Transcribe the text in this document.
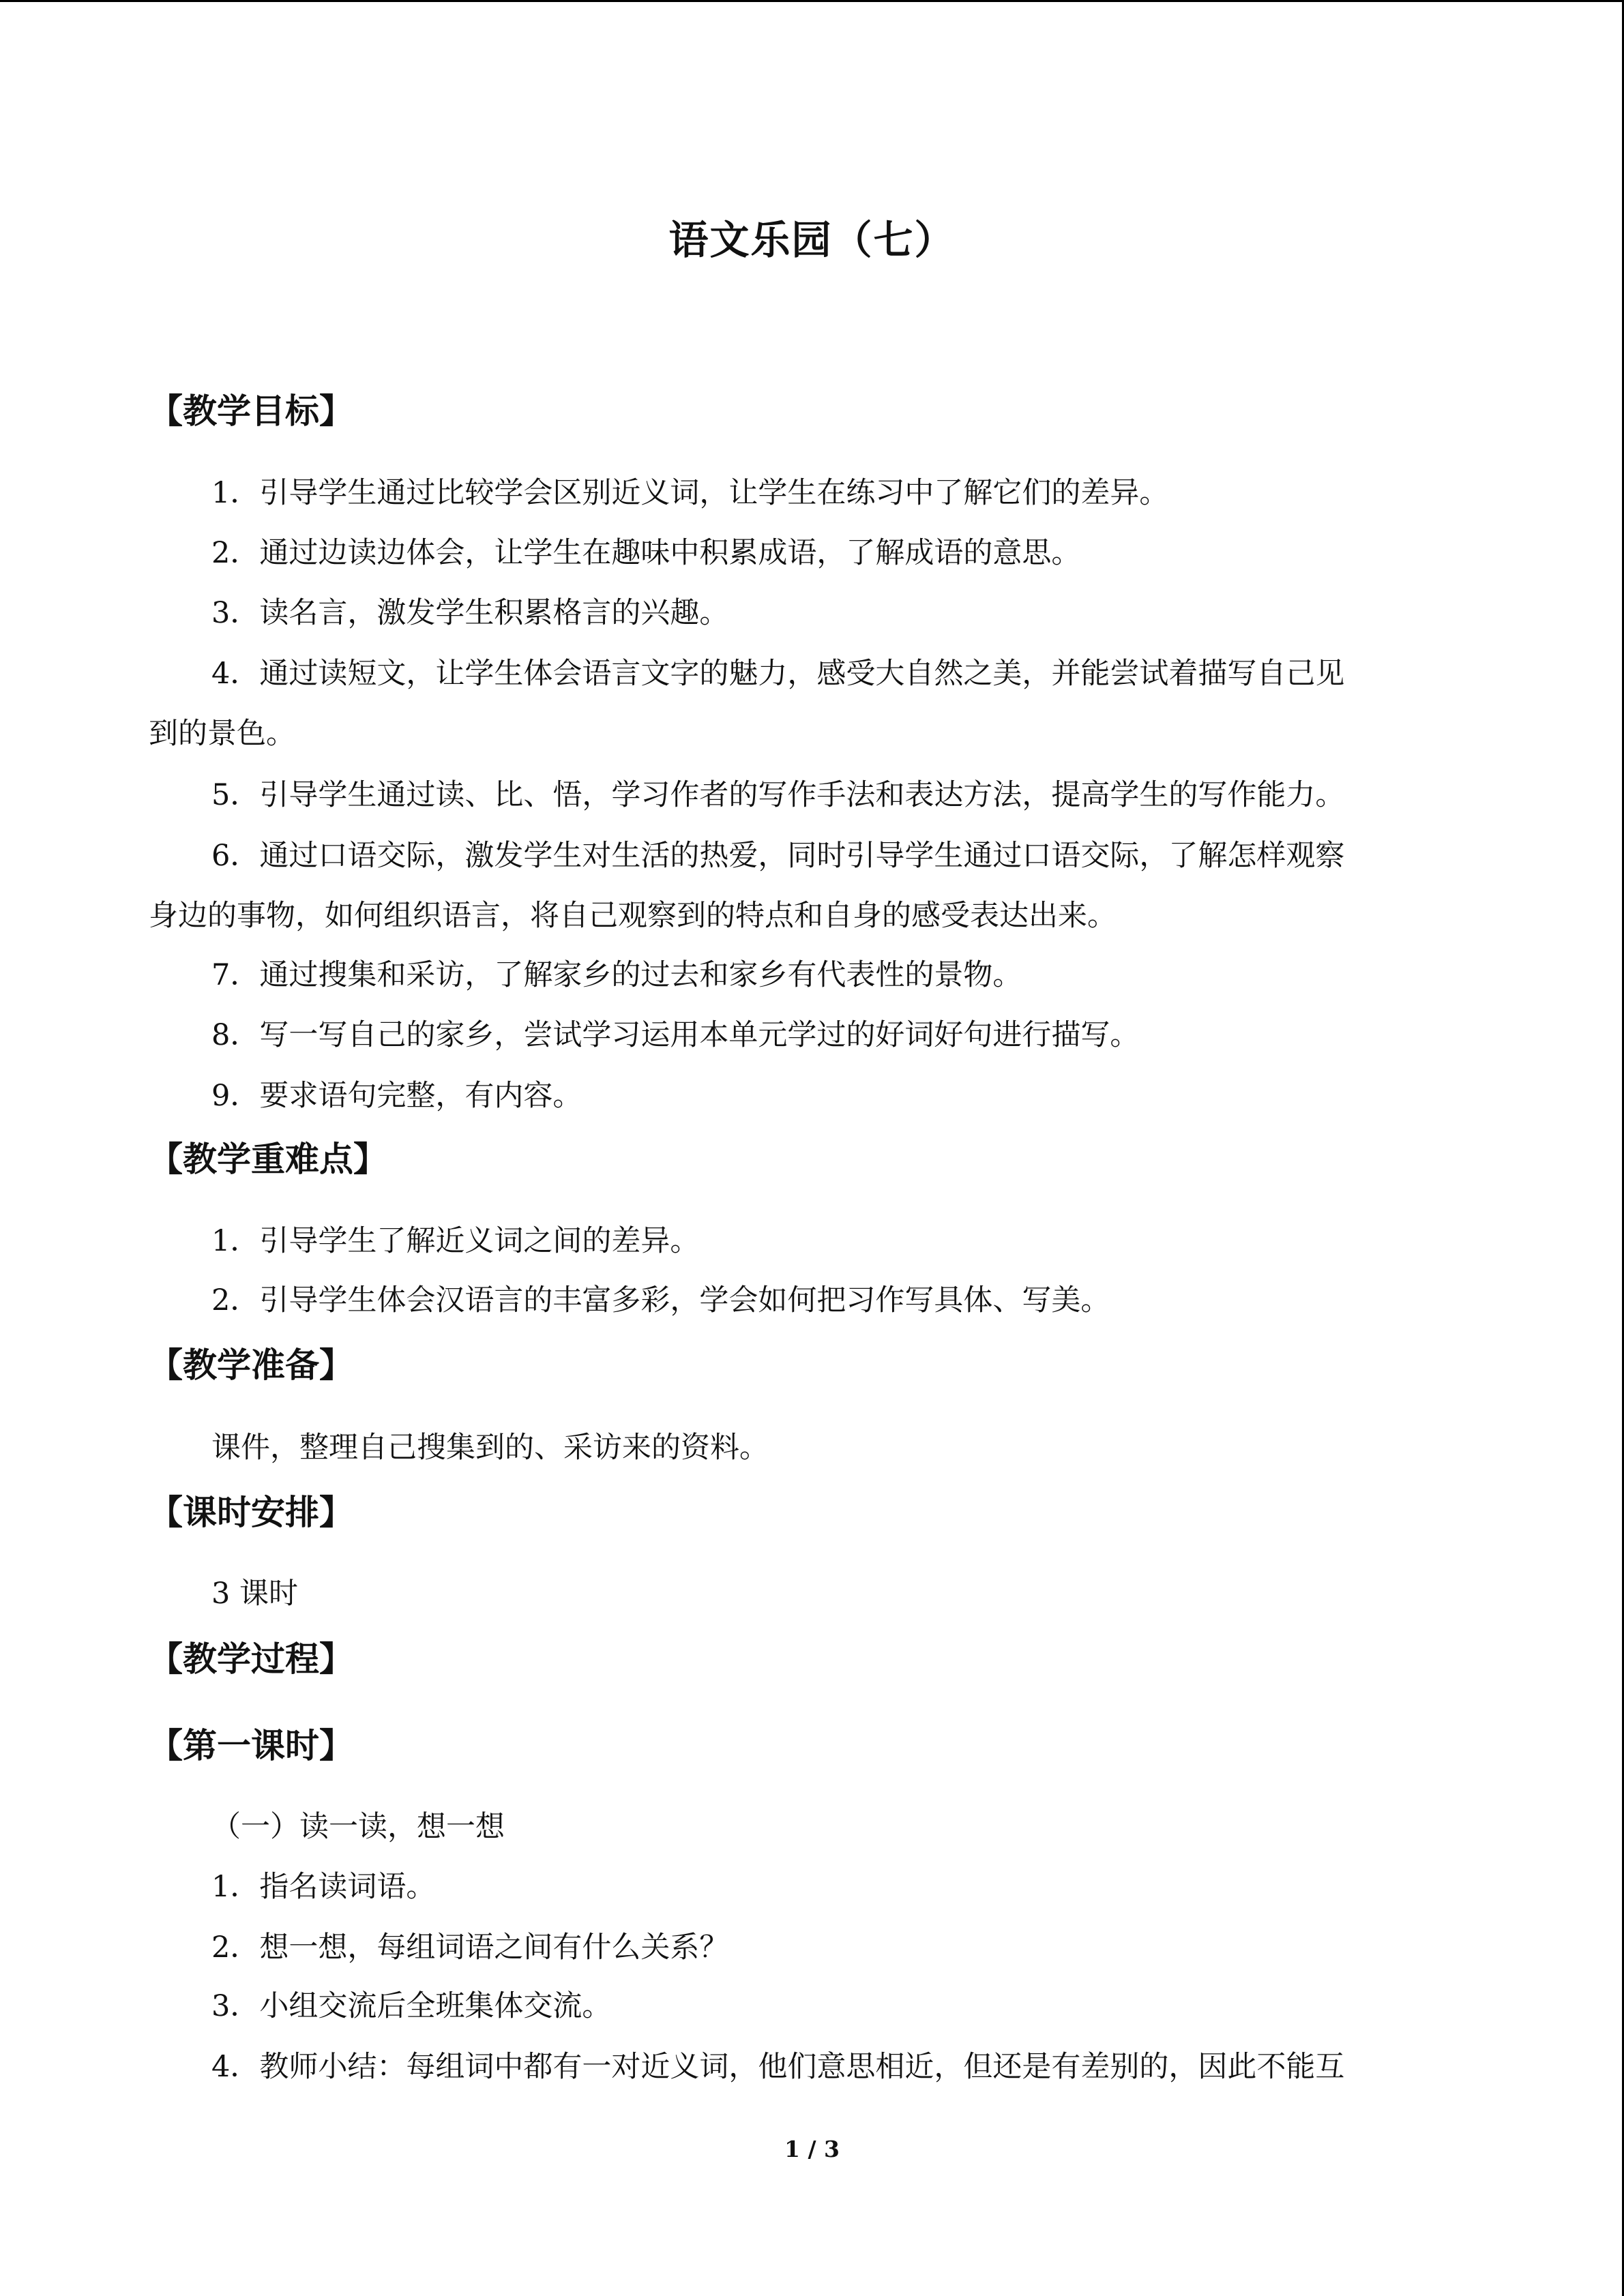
语文乐园（七）
【教学目标】
1．引导学生通过比较学会区别近义词，让学生在练习中了解它们的差异。
2．通过边读边体会，让学生在趣味中积累成语，了解成语的意思。
3．读名言，激发学生积累格言的兴趣。
4．通过读短文，让学生体会语言文字的魅力，感受大自然之美，并能尝试着描写自己见
到的景色。
5．引导学生通过读、比、悟，学习作者的写作手法和表达方法，提高学生的写作能力。
6．通过口语交际，激发学生对生活的热爱，同时引导学生通过口语交际，了解怎样观察
身边的事物，如何组织语言，将自己观察到的特点和自身的感受表达出来。
7．通过搜集和采访，了解家乡的过去和家乡有代表性的景物。
8．写一写自己的家乡，尝试学习运用本单元学过的好词好句进行描写。
9．要求语句完整，有内容。
【教学重难点】
1．引导学生了解近义词之间的差异。
2．引导学生体会汉语言的丰富多彩，学会如何把习作写具体、写美。
【教学准备】
课件，整理自己搜集到的、采访来的资料。
【课时安排】
3 课时
【教学过程】
【第一课时】
（一）读一读，想一想
1．指名读词语。
2．想一想，每组词语之间有什么关系？
3．小组交流后全班集体交流。
4．教师小结：每组词中都有一对近义词，他们意思相近，但还是有差别的，因此不能互
1 / 3
